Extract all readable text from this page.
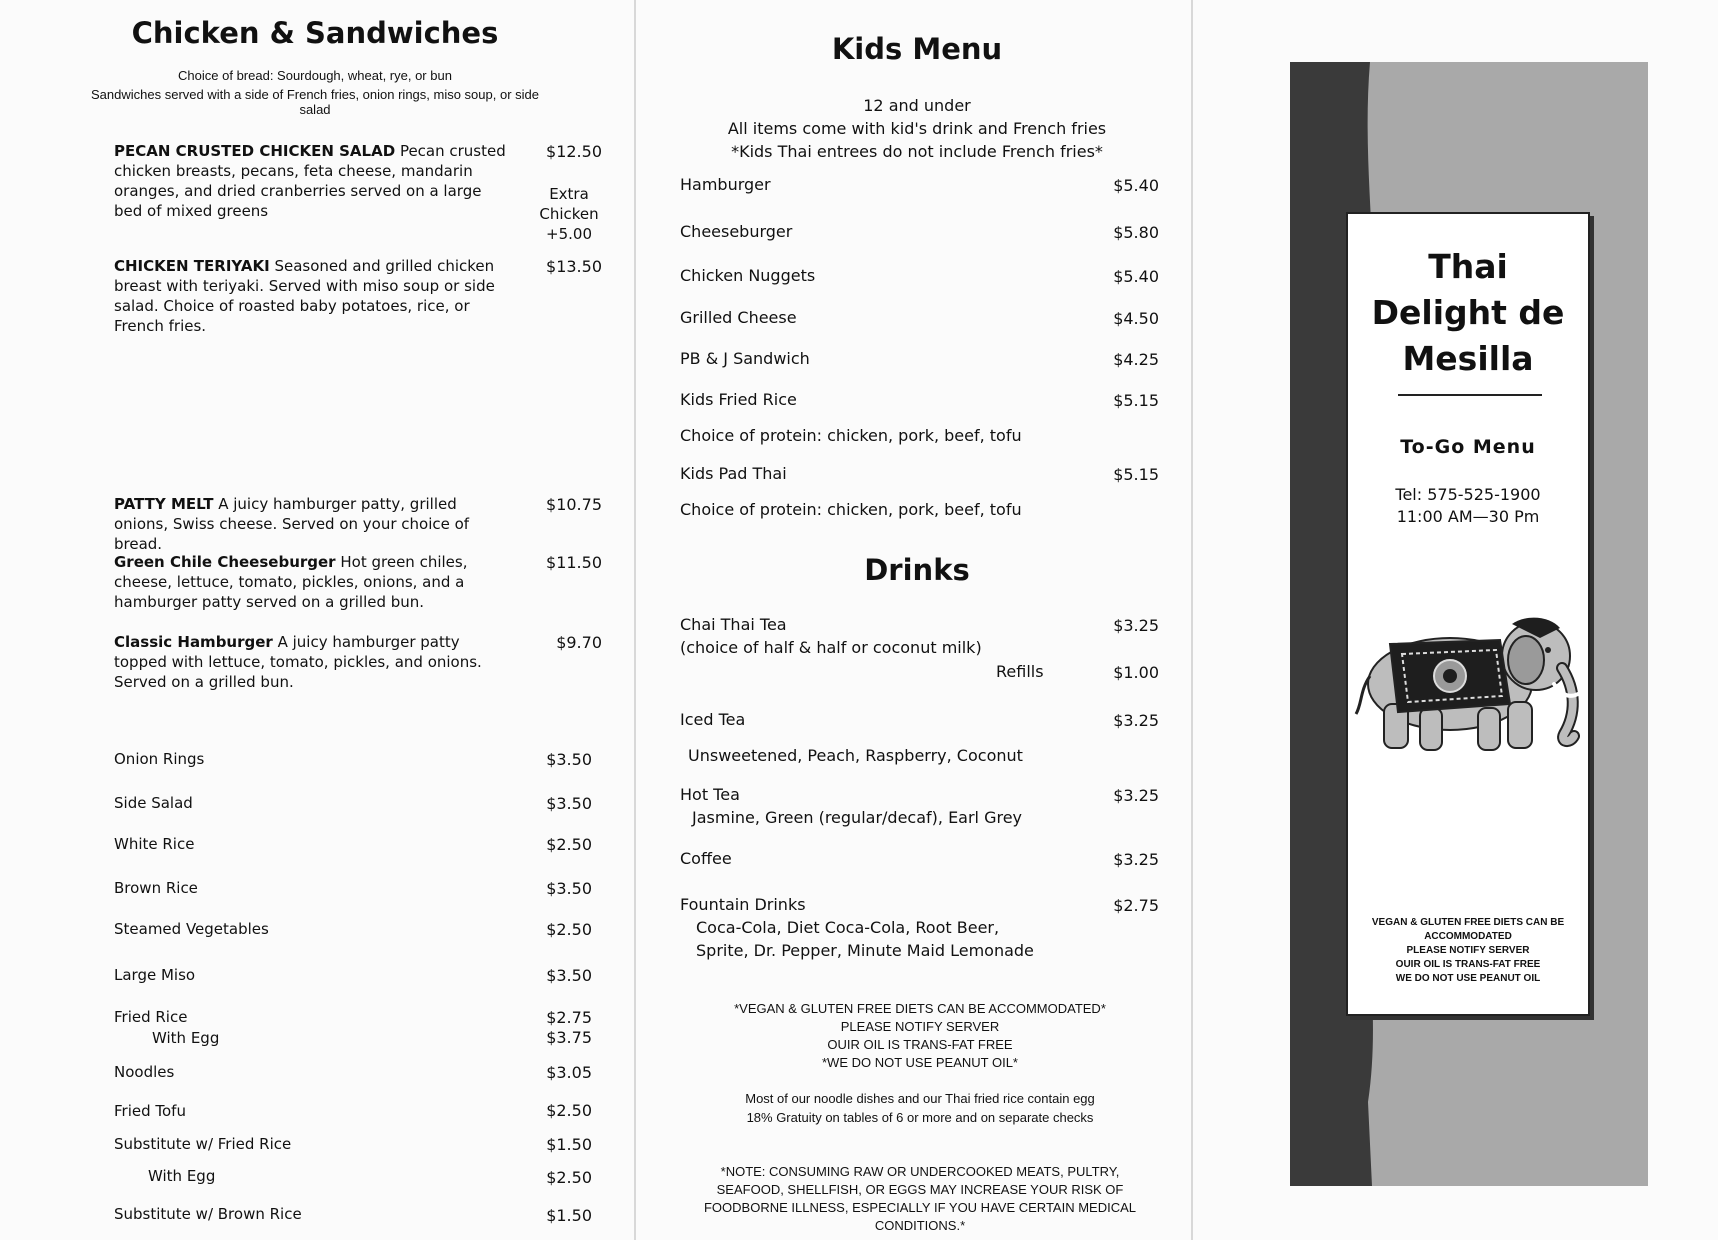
Chicken & Sandwiches
Choice of bread: Sourdough, wheat, rye, or bun
Sandwiches served with a side of French fries, onion rings, miso soup, or side salad
PECAN CRUSTED CHICKEN SALAD Pecan crusted chicken breasts, pecans, feta cheese, mandarin oranges, and dried cranberries served on a large bed of mixed greens
$12.50
Extra Chicken +5.00
CHICKEN TERIYAKI Seasoned and grilled chicken breast with teriyaki. Served with miso soup or side salad. Choice of roasted baby potatoes, rice, or French fries.
$13.50
PATTY MELT A juicy hamburger patty, grilled onions, Swiss cheese. Served on your choice of bread.
$10.75
Green Chile Cheeseburger Hot green chiles, cheese, lettuce, tomato, pickles, onions, and a hamburger patty served on a grilled bun.
$11.50
Classic Hamburger A juicy hamburger patty topped with lettuce, tomato, pickles, and onions. Served on a grilled bun.
$9.70
Onion Rings	$3.50
Side Salad	$3.50
White Rice	$2.50
Brown Rice	$3.50
Steamed Vegetables	$2.50
Large Miso	$3.50
Fried Rice	$2.75
With Egg	$3.75
Noodles	$3.05
Fried Tofu	$2.50
Substitute w/ Fried Rice	$1.50
With Egg	$2.50
Substitute w/ Brown Rice	$1.50
Kids Menu
12 and under
All items come with kid's drink and French fries
*Kids Thai entrees do not include French fries*
Hamburger	$5.40
Cheeseburger	$5.80
Chicken Nuggets	$5.40
Grilled Cheese	$4.50
PB & J Sandwich	$4.25
Kids Fried Rice	$5.15
Choice of protein: chicken, pork, beef, tofu
Kids Pad Thai	$5.15
Choice of protein: chicken, pork, beef, tofu
Drinks
Chai Thai Tea	$3.25
(choice of half & half or coconut milk)
Refills	$1.00
Iced Tea	$3.25
Unsweetened, Peach, Raspberry, Coconut
Hot Tea	$3.25
Jasmine, Green (regular/decaf), Earl Grey
Coffee	$3.25
Fountain Drinks	$2.75
Coca-Cola, Diet Coca-Cola, Root Beer,
Sprite, Dr. Pepper, Minute Maid Lemonade
*VEGAN & GLUTEN FREE DIETS CAN BE ACCOMMODATED*
PLEASE NOTIFY SERVER
OUIR OIL IS TRANS-FAT FREE
*WE DO NOT USE PEANUT OIL*
Most of our noodle dishes and our Thai fried rice contain egg
18% Gratuity on tables of 6 or more and on separate checks
*NOTE: CONSUMING RAW OR UNDERCOOKED MEATS, PULTRY,
SEAFOOD, SHELLFISH, OR EGGS MAY INCREASE YOUR RISK OF
FOODBORNE ILLNESS, ESPECIALLY IF YOU HAVE CERTAIN MEDICAL
CONDITIONS.*
Thai
Delight de
Mesilla
To-Go Menu
Tel: 575-525-1900
11:00 AM—30 Pm
VEGAN & GLUTEN FREE DIETS CAN BE
ACCOMMODATED
PLEASE NOTIFY SERVER
OUIR OIL IS TRANS-FAT FREE
WE DO NOT USE PEANUT OIL
